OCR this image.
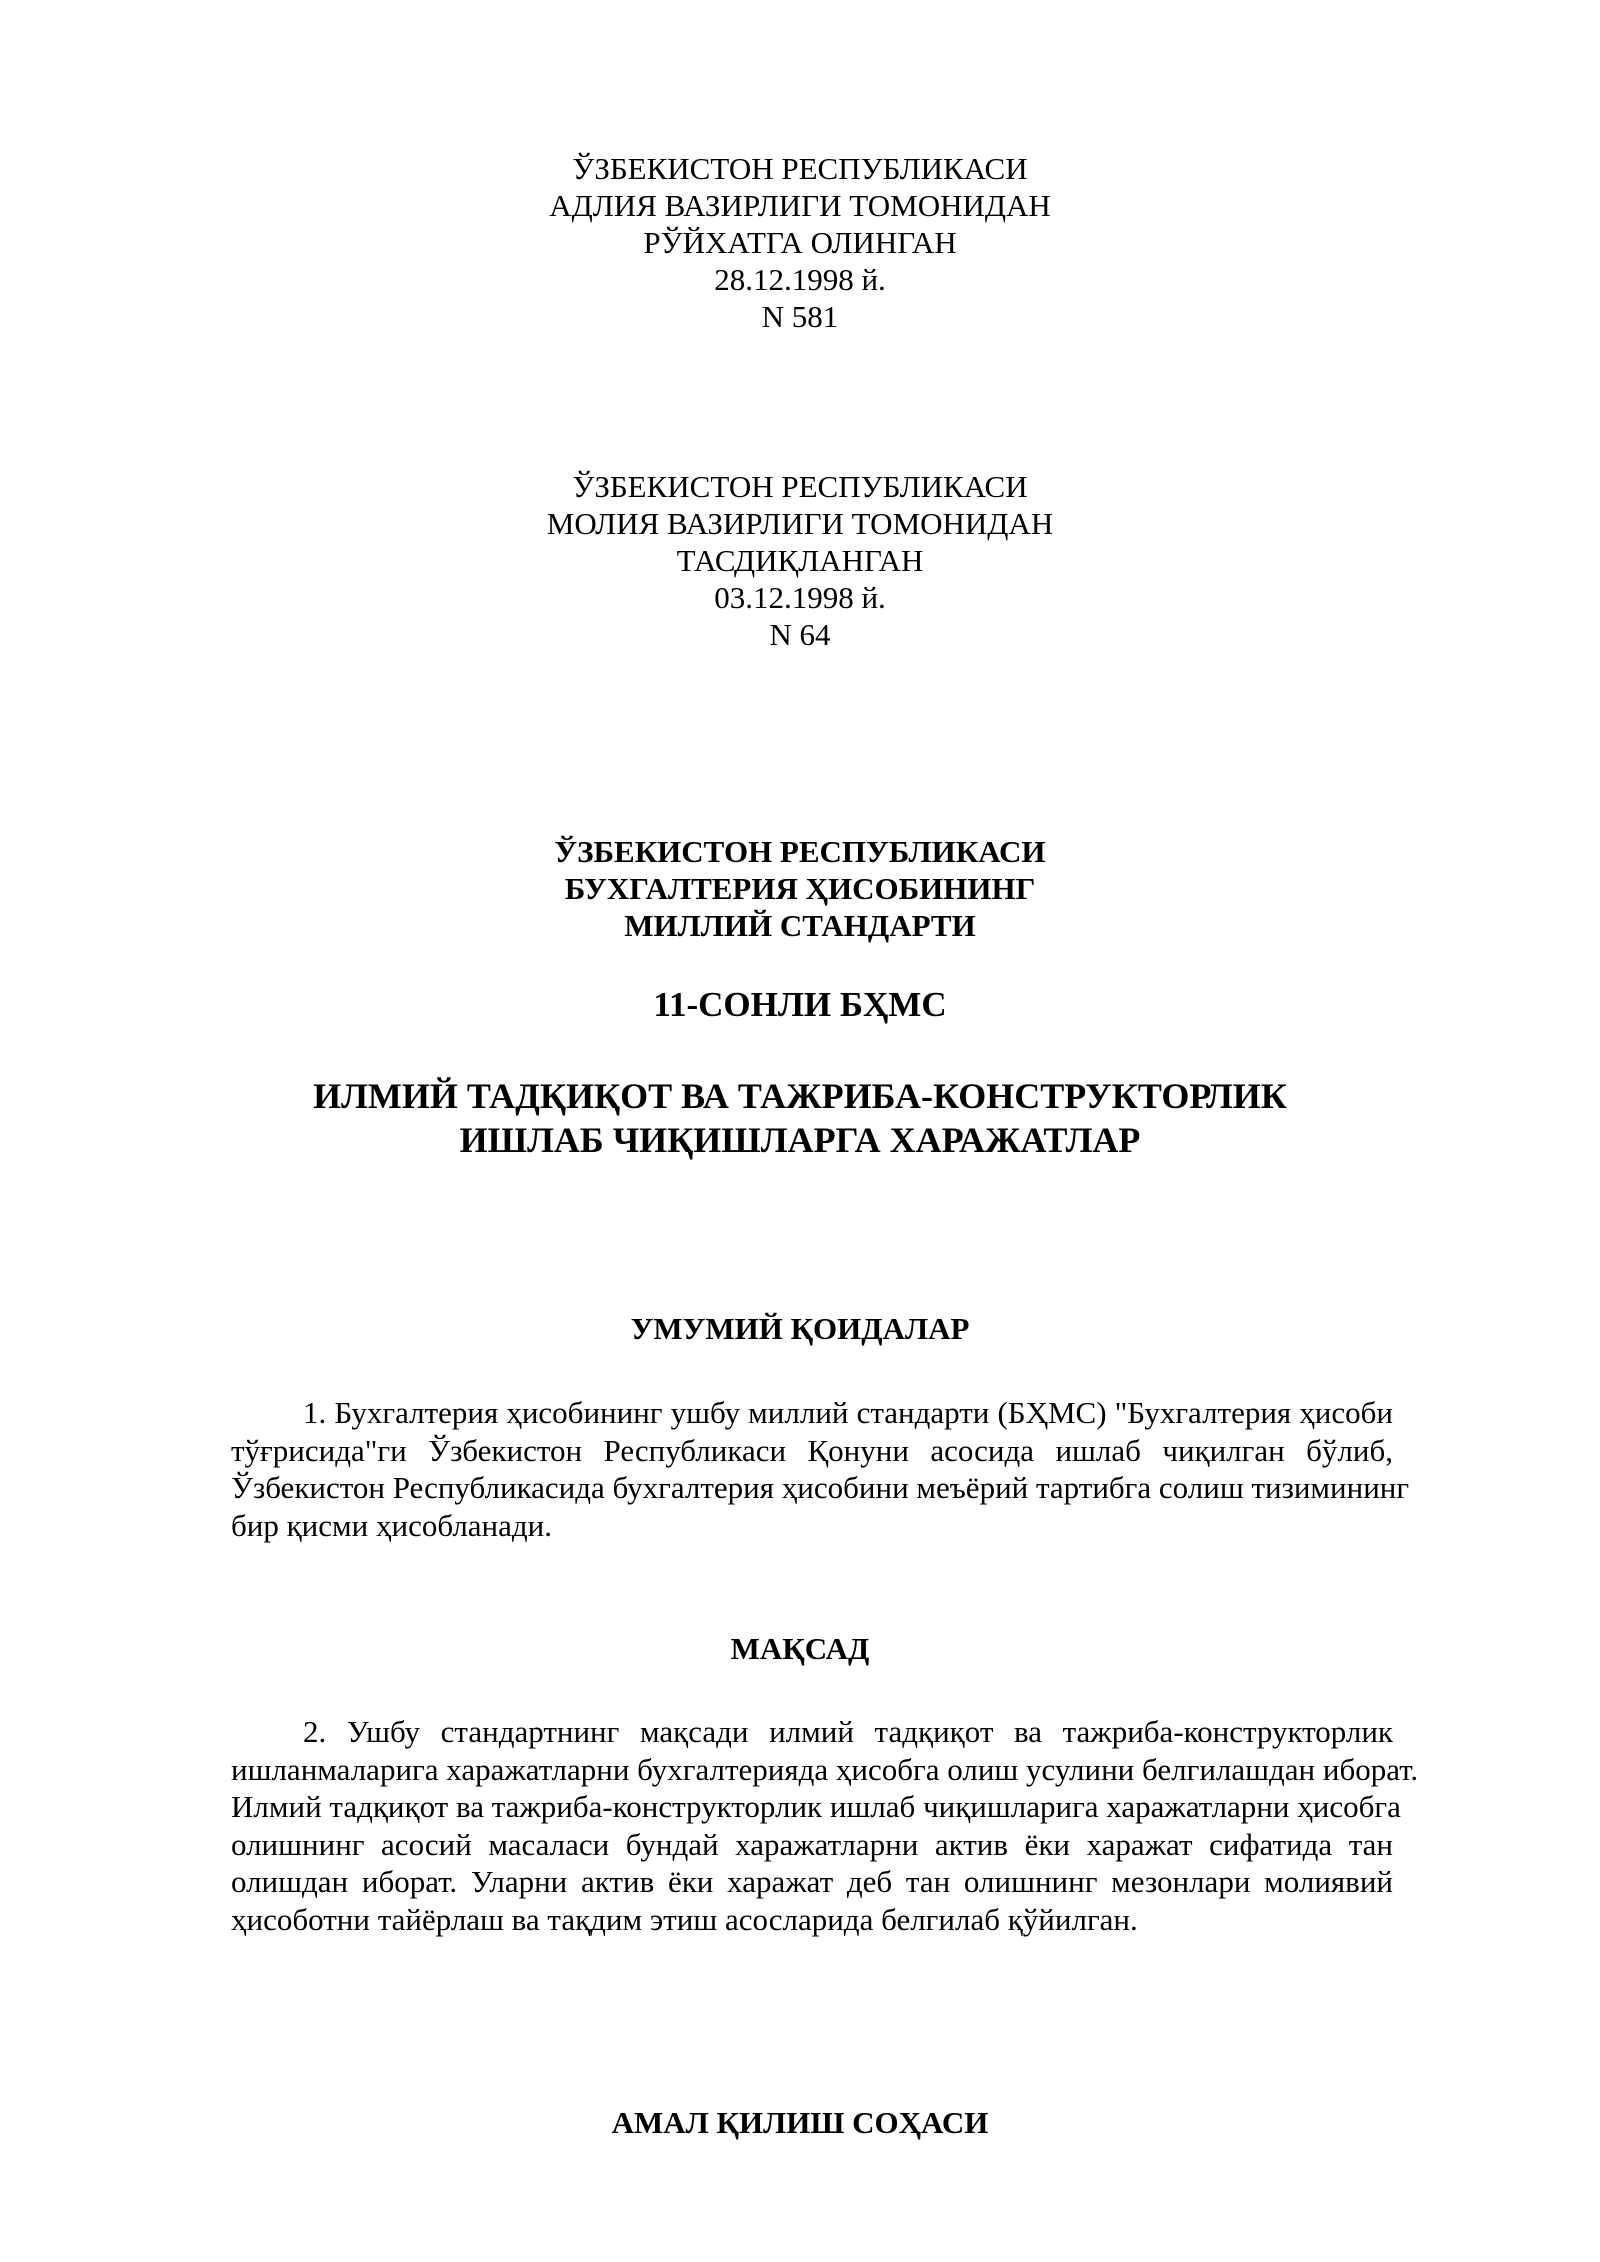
ЎЗБЕКИСТОН РЕСПУБЛИКАСИ
АДЛИЯ ВАЗИРЛИГИ ТОМОНИДАН
РЎЙХАТГА ОЛИНГАН
28.12.1998 й.
N 581
ЎЗБЕКИСТОН РЕСПУБЛИКАСИ
МОЛИЯ ВАЗИРЛИГИ ТОМОНИДАН
ТАСДИҚЛАНГАН
03.12.1998 й.
N 64
ЎЗБЕКИСТОН РЕСПУБЛИКАСИ
БУХГАЛТЕРИЯ ҲИСОБИНИНГ
МИЛЛИЙ СТАНДАРТИ
11-СОНЛИ БҲМС
ИЛМИЙ ТАДҚИҚОТ ВА ТАЖРИБА-КОНСТРУКТОРЛИК
ИШЛАБ ЧИҚИШЛАРГА ХАРАЖАТЛАР
УМУМИЙ ҚОИДАЛАР
1. Бухгалтерия ҳисобининг ушбу миллий стандарти (БҲМС) "Бухгалтерия ҳисоби
тўғрисида"ги Ўзбекистон Республикаси Қонуни асосида ишлаб чиқилган бўлиб,
Ўзбекистон Республикасида бухгалтерия ҳисобини меъёрий тартибга солиш тизимининг
бир қисми ҳисобланади.
МАҚСАД
2. Ушбу стандартнинг мақсади илмий тадқиқот ва тажриба-конструкторлик
ишланмаларига харажатларни бухгалтерияда ҳисобга олиш усулини белгилашдан иборат.
Илмий тадқиқот ва тажриба-конструкторлик ишлаб чиқишларига харажатларни ҳисобга
олишнинг асосий масаласи бундай харажатларни актив ёки харажат сифатида тан
олишдан иборат. Уларни актив ёки харажат деб тан олишнинг мезонлари молиявий
ҳисоботни тайёрлаш ва тақдим этиш асосларида белгилаб қўйилган.
АМАЛ ҚИЛИШ СОҲАСИ
